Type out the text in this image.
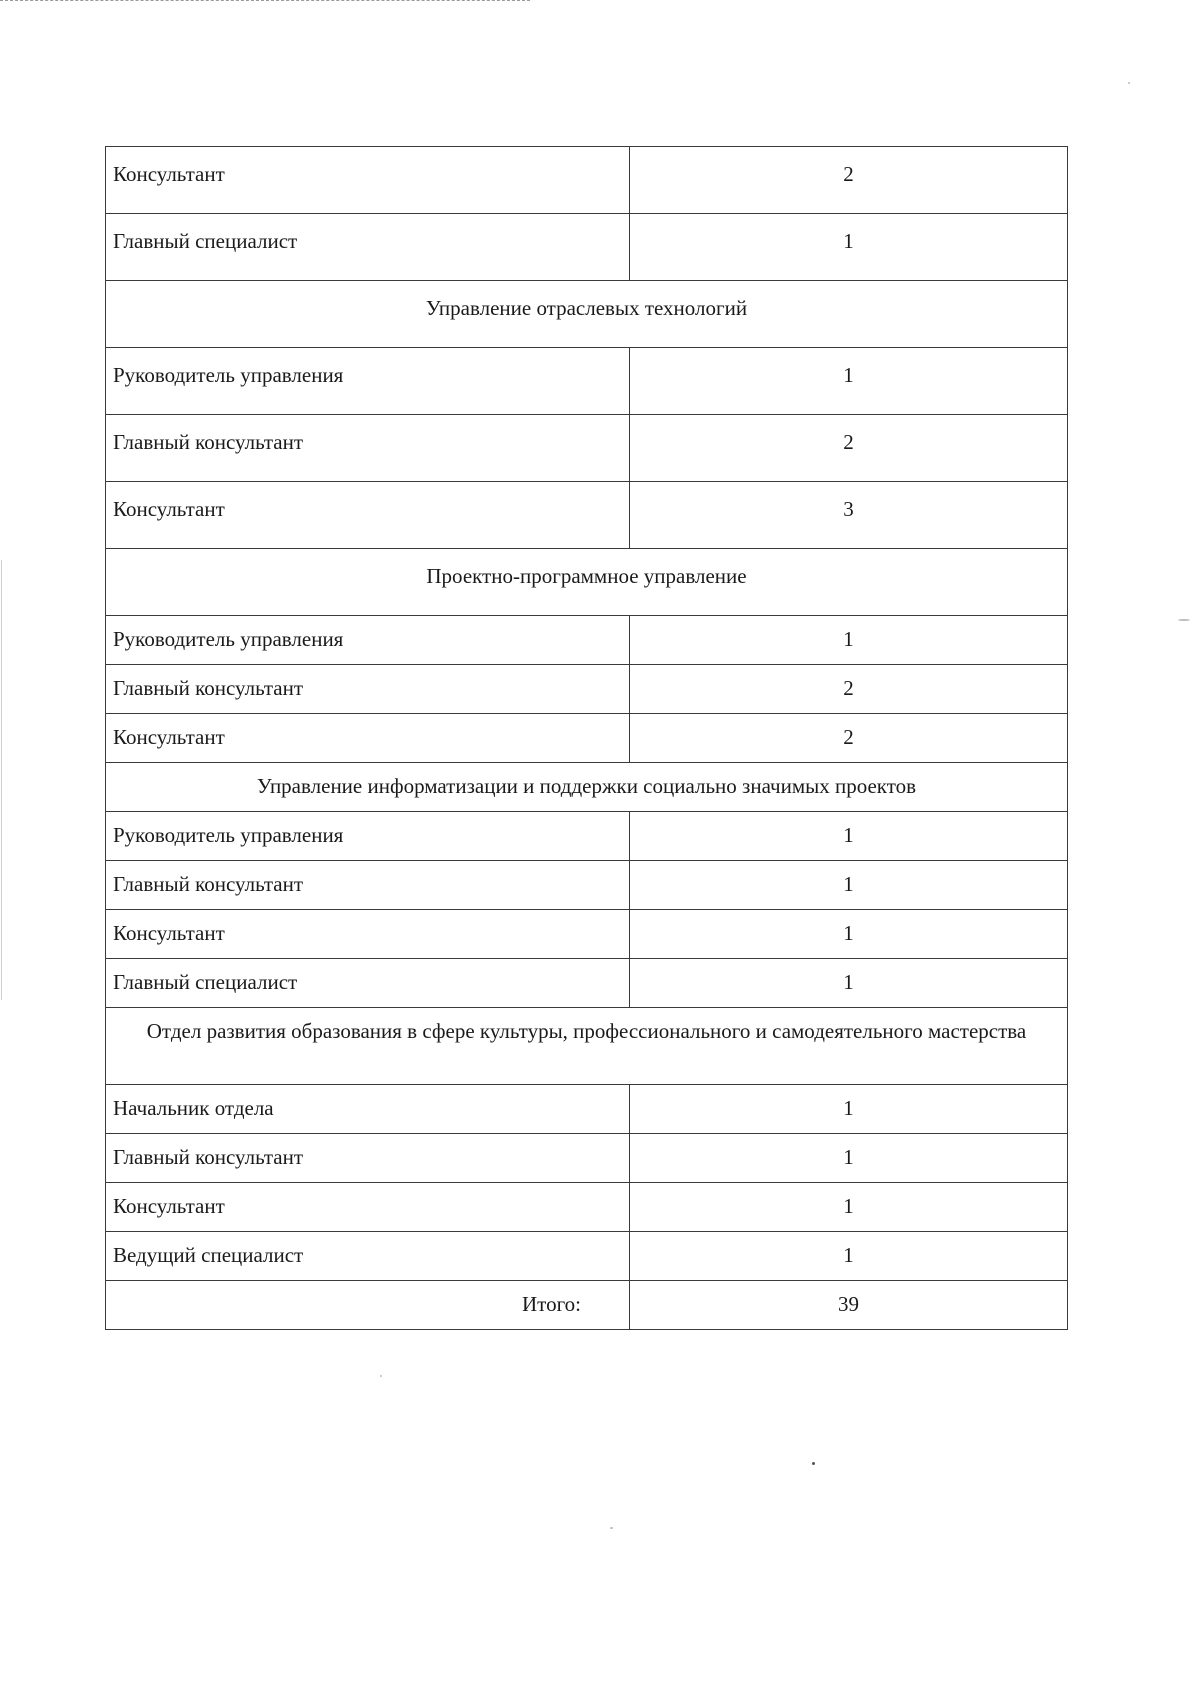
Консультант	2
Главный специалист	1
Управление отраслевых технологий	
Руководитель управления	1
Главный консультант	2
Консультант	3
Проектно-программное управление	
Руководитель управления	1
Главный консультант	2
Консультант	2
Управление информатизации и поддержки социально значимых проектов	
Руководитель управления	1
Главный консультант	1
Консультант	1
Главный специалист	1
Отдел развития образования в сфере культуры, профессионального и самодеятельного мастерства	
Начальник отдела	1
Главный консультант	1
Консультант	1
Ведущий специалист	1
Итого:	39
